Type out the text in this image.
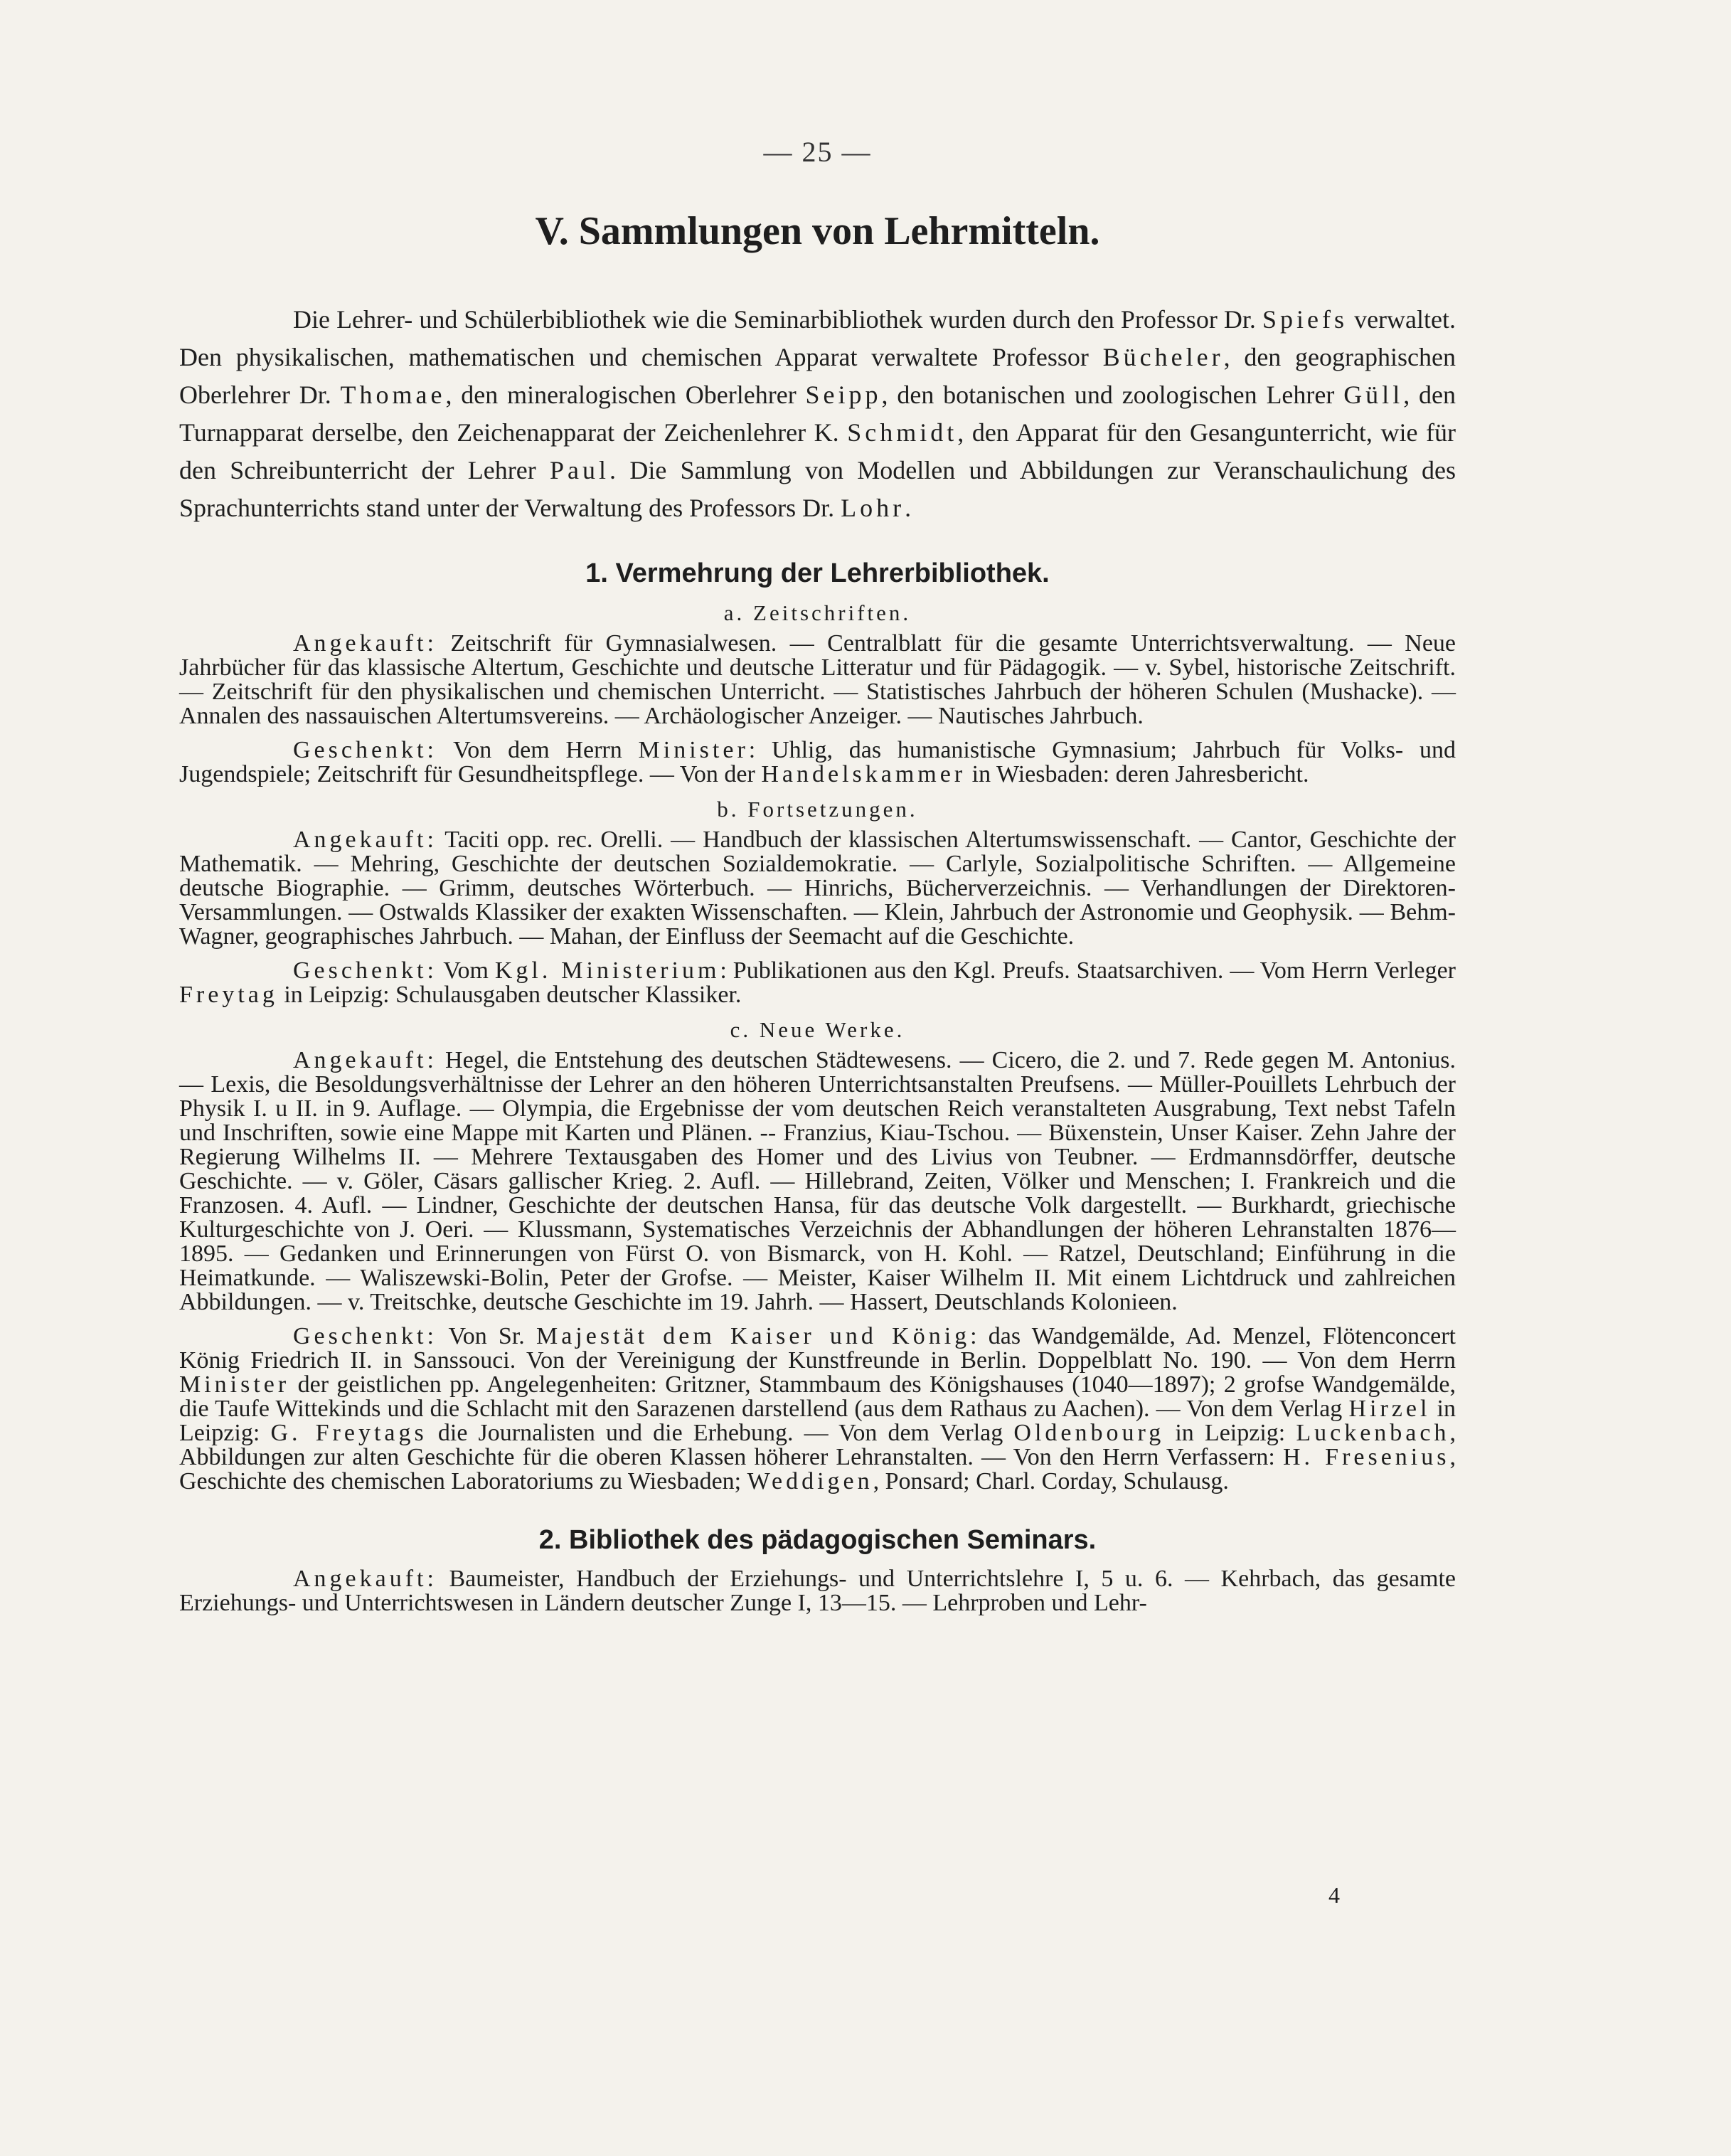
— 25 —
V. Sammlungen von Lehrmitteln.

Die Lehrer- und Schülerbibliothek wie die Seminarbibliothek wurden durch den Professor Dr. Spiefs verwaltet. Den physikalischen, mathematischen und chemischen Apparat verwaltete Professor Bücheler, den geographischen Oberlehrer Dr. Thomae, den mineralogischen Oberlehrer Seipp, den botanischen und zoologischen Lehrer Güll, den Turnapparat derselbe, den Zeichenapparat der Zeichenlehrer K. Schmidt, den Apparat für den Gesangunterricht, wie für den Schreibunterricht der Lehrer Paul. Die Sammlung von Modellen und Abbildungen zur Veranschaulichung des Sprachunterrichts stand unter der Verwaltung des Professors Dr. Lohr.

1. Vermehrung der Lehrerbibliothek.
a. Zeitschriften.

Angekauft: Zeitschrift für Gymnasialwesen. — Centralblatt für die gesamte Unterrichtsverwaltung. — Neue Jahrbücher für das klassische Altertum, Geschichte und deutsche Litteratur und für Pädagogik. — v. Sybel, historische Zeitschrift. — Zeitschrift für den physikalischen und chemischen Unterricht. — Statistisches Jahrbuch der höheren Schulen (Mushacke). — Annalen des nassauischen Altertumsvereins. — Archäologischer Anzeiger. — Nautisches Jahrbuch.

Geschenkt: Von dem Herrn Minister: Uhlig, das humanistische Gymnasium; Jahrbuch für Volks- und Jugendspiele; Zeitschrift für Gesundheitspflege. — Von der Handelskammer in Wiesbaden: deren Jahresbericht.

b. Fortsetzungen.

Angekauft: Taciti opp. rec. Orelli. — Handbuch der klassischen Altertumswissenschaft. — Cantor, Geschichte der Mathematik. — Mehring, Geschichte der deutschen Sozialdemokratie. — Carlyle, Sozialpolitische Schriften. — Allgemeine deutsche Biographie. — Grimm, deutsches Wörterbuch. — Hinrichs, Bücherverzeichnis. — Verhandlungen der Direktoren-Versammlungen. — Ostwalds Klassiker der exakten Wissenschaften. — Klein, Jahrbuch der Astronomie und Geophysik. — Behm-Wagner, geographisches Jahrbuch. — Mahan, der Einfluss der Seemacht auf die Geschichte.

Geschenkt: Vom Kgl. Ministerium: Publikationen aus den Kgl. Preufs. Staatsarchiven. — Vom Herrn Verleger Freytag in Leipzig: Schulausgaben deutscher Klassiker.

c. Neue Werke.

Angekauft: Hegel, die Entstehung des deutschen Städtewesens. — Cicero, die 2. und 7. Rede gegen M. Antonius. — Lexis, die Besoldungsverhältnisse der Lehrer an den höheren Unterrichtsanstalten Preufsens. — Müller-Pouillets Lehrbuch der Physik I. u II. in 9. Auflage. — Olympia, die Ergebnisse der vom deutschen Reich veranstalteten Ausgrabung, Text nebst Tafeln und Inschriften, sowie eine Mappe mit Karten und Plänen. -- Franzius, Kiau-Tschou. — Büxenstein, Unser Kaiser. Zehn Jahre der Regierung Wilhelms II. — Mehrere Textausgaben des Homer und des Livius von Teubner. — Erdmannsdörffer, deutsche Geschichte. — v. Göler, Cäsars gallischer Krieg. 2. Aufl. — Hillebrand, Zeiten, Völker und Menschen; I. Frankreich und die Franzosen. 4. Aufl. — Lindner, Geschichte der deutschen Hansa, für das deutsche Volk dargestellt. — Burkhardt, griechische Kulturgeschichte von J. Oeri. — Klussmann, Systematisches Verzeichnis der Abhandlungen der höheren Lehranstalten 1876—1895. — Gedanken und Erinnerungen von Fürst O. von Bismarck, von H. Kohl. — Ratzel, Deutschland; Einführung in die Heimatkunde. — Waliszewski-Bolin, Peter der Grofse. — Meister, Kaiser Wilhelm II. Mit einem Lichtdruck und zahlreichen Abbildungen. — v. Treitschke, deutsche Geschichte im 19. Jahrh. — Hassert, Deutschlands Kolonieen.

Geschenkt: Von Sr. Majestät dem Kaiser und König: das Wandgemälde, Ad. Menzel, Flötenconcert König Friedrich II. in Sanssouci. Von der Vereinigung der Kunstfreunde in Berlin. Doppelblatt No. 190. — Von dem Herrn Minister der geistlichen pp. Angelegenheiten: Gritzner, Stammbaum des Königshauses (1040—1897); 2 grofse Wandgemälde, die Taufe Wittekinds und die Schlacht mit den Sarazenen darstellend (aus dem Rathaus zu Aachen). — Von dem Verlag Hirzel in Leipzig: G. Freytags die Journalisten und die Erhebung. — Von dem Verlag Oldenbourg in Leipzig: Luckenbach, Abbildungen zur alten Geschichte für die oberen Klassen höherer Lehranstalten. — Von den Herrn Verfassern: H. Fresenius, Geschichte des chemischen Laboratoriums zu Wiesbaden; Weddigen, Ponsard; Charl. Corday, Schulausg.

2. Bibliothek des pädagogischen Seminars.

Angekauft: Baumeister, Handbuch der Erziehungs- und Unterrichtslehre I, 5 u. 6. — Kehrbach, das gesamte Erziehungs- und Unterrichtswesen in Ländern deutscher Zunge I, 13—15. — Lehrproben und Lehr-

4
